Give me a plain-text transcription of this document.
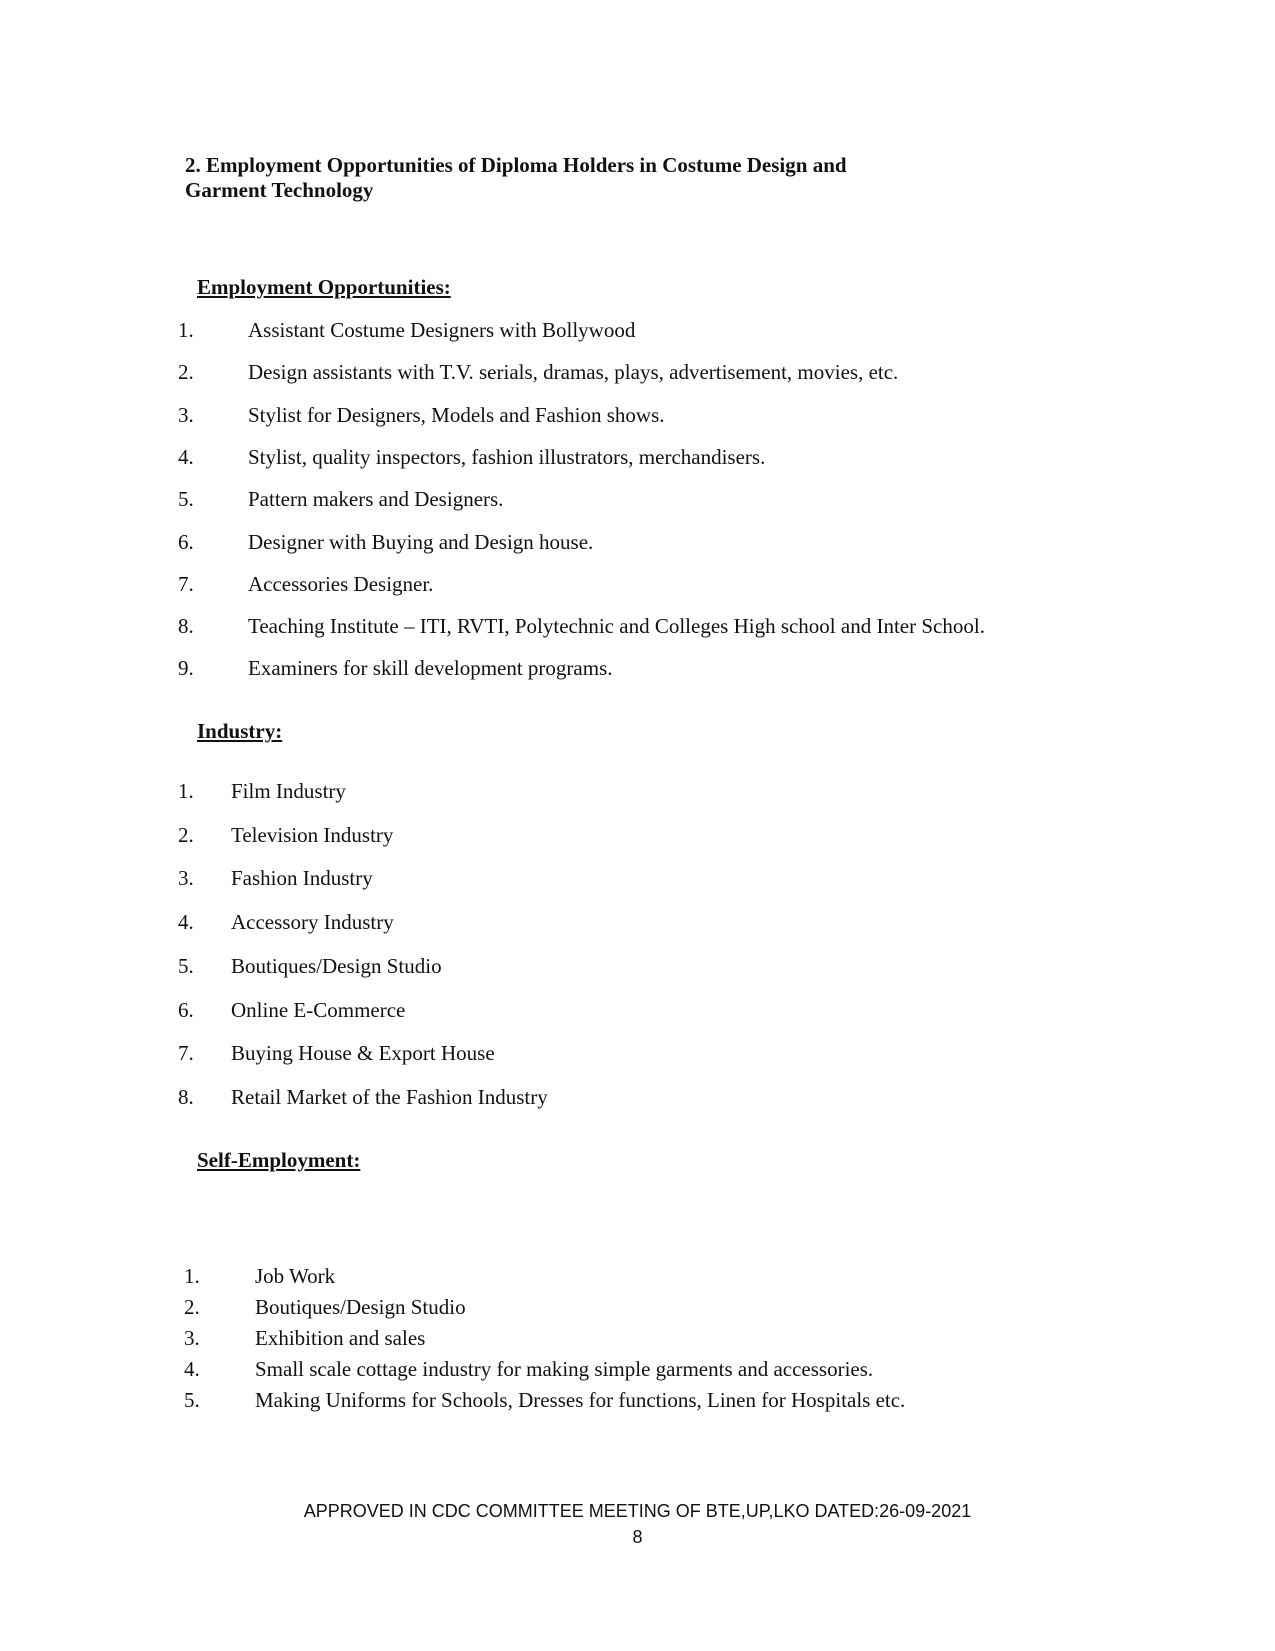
2. Employment Opportunities of Diploma Holders in Costume Design and
Garment Technology
Employment Opportunities:
1.	Assistant Costume Designers with Bollywood
2.	Design assistants with T.V. serials, dramas, plays, advertisement, movies, etc.
3.	Stylist for Designers, Models and Fashion shows.
4.	Stylist, quality inspectors, fashion illustrators, merchandisers.
5.	Pattern makers and Designers.
6.	Designer with Buying and Design house.
7.	Accessories Designer.
8.	Teaching Institute – ITI, RVTI, Polytechnic and Colleges High school and Inter School.
9.	Examiners for skill development programs.
Industry:
1. Film Industry
2. Television Industry
3. Fashion Industry
4. Accessory Industry
5. Boutiques/Design Studio
6. Online E-Commerce
7. Buying House & Export House
8. Retail Market of the Fashion Industry
Self-Employment:
1.	Job Work
2.	Boutiques/Design Studio
3.	Exhibition and sales
4.	Small scale cottage industry for making simple garments and accessories.
5.	Making Uniforms for Schools, Dresses for functions, Linen for Hospitals etc.
APPROVED IN CDC COMMITTEE MEETING OF BTE,UP,LKO DATED:26-09-2021
8
